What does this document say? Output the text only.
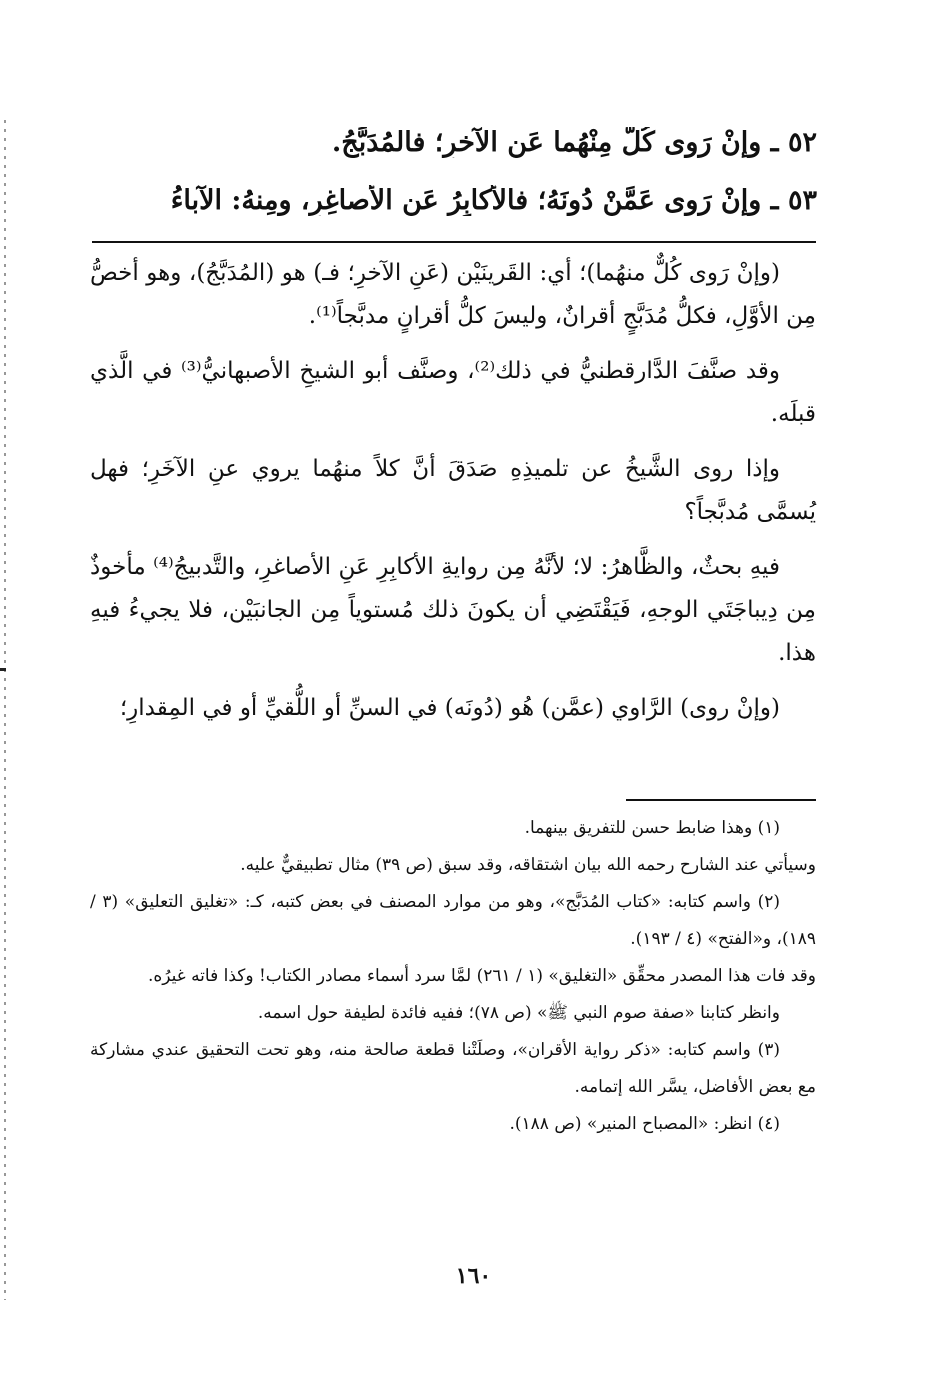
٥٢ ـ وإنْ رَوى كُلٌّ مِنْهُما عَنِ الآخرِ؛ فالمُدَبَّجُ.
٥٣ ـ وإنْ رَوى عَمَّنْ دُونَهُ؛ فالأكابِرُ عَنِ الأصاغِرِ، ومِنهُ: الآباءُ

(وإنْ رَوى كُلٌّ منهُما)؛ أي: القَرينَيْن (عَنِ الآخرِ؛ فـ) هو (المُدَبَّجُ)، وهو أخصُّ مِن الأوَّلِ، فكلُّ مُدَبَّجٍ أقرانٌ، وليسَ كلُّ أقرانٍ مدبَّجاً⁽¹⁾.

وقد صنَّفَ الدَّارقطنيُّ في ذلك⁽²⁾، وصنَّف أبو الشيخِ الأصبهانيُّ⁽³⁾ في الَّذي قبلَه.

وإذا روى الشَّيخُ عن تلميذِهِ صَدَقَ أنَّ كلاً منهُما يروي عنِ الآخَرِ؛ فهل يُسمَّى مُدبَّجاً؟

فيهِ بحثٌ، والظَّاهرُ: لا؛ لأنَّهُ مِن روايةِ الأكابِرِ عَنِ الأصاغرِ، والتَّدبيجُ⁽⁴⁾ مأخوذٌ مِن دِيباجَتَي الوجهِ، فَيَقْتَضِي أن يكونَ ذلك مُستوياً مِن الجانبَيْن، فلا يجيءُ فيهِ هذا.

(وإنْ روى) الرَّاوي (عمَّن) هُو (دُونَه) في السنِّ أو اللُّقيِّ أو في المِقدارِ؛

(١) وهذا ضابط حسن للتفريق بينهما.

وسيأتي عند الشارح رحمه الله بيان اشتقاقه، وقد سبق (ص ٣٩) مثال تطبيقيٌّ عليه.

(٢) واسم كتابه: «كتاب المُدَبَّج»، وهو من موارد المصنف في بعض كتبه، كـ: «تغليق التعليق» (٣ / ١٨٩)، و«الفتح» (٤ / ١٩٣).

وقد فات هذا المصدر محقِّق «التغليق» (١ / ٢٦١) لمَّا سرد أسماء مصادر الكتاب! وكذا فاته غيرُه.

وانظر كتابنا «صفة صوم النبي ﷺ» (ص ٧٨)؛ ففيه فائدة لطيفة حول اسمه.

(٣) واسم كتابه: «ذكر رواية الأقران»، وصلَتْنا قطعة صالحة منه، وهو تحت التحقيق عندي مشاركة مع بعض الأفاضل، يسَّر الله إتمامه.

(٤) انظر: «المصباح المنير» (ص ١٨٨).

١٦٠
